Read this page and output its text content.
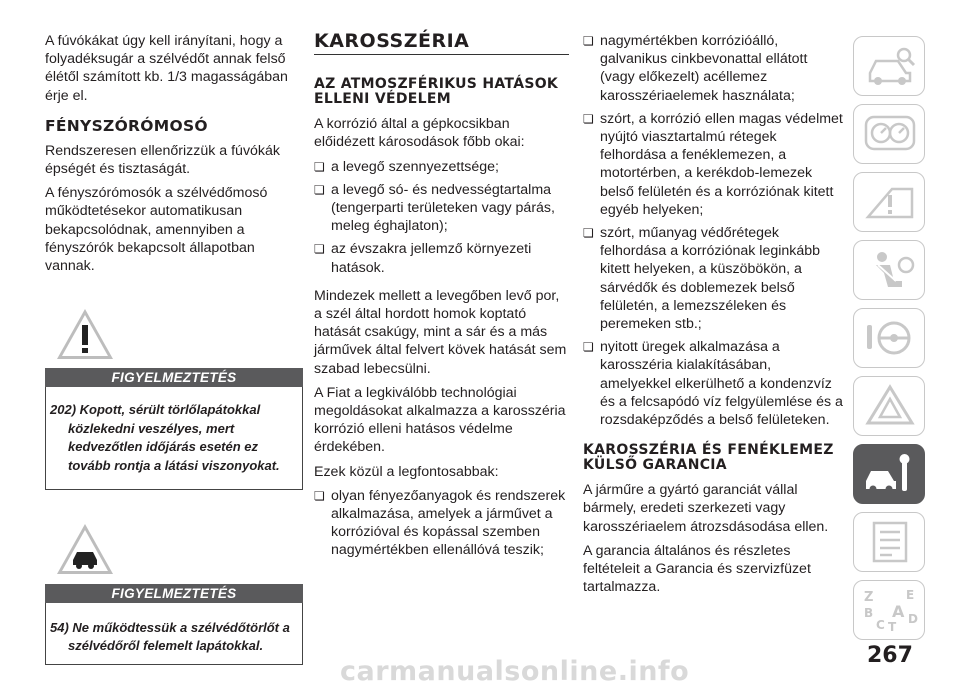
A fúvókákat úgy kell irányítani, hogy a folyadéksugár a szélvédőt annak felső élétől számított kb. 1/3 magasságában érje el.

FÉNYSZÓRÓMOSÓ

Rendszeresen ellenőrizzük a fúvókák épségét és tisztaságát.

A fényszórómosók a szélvédőmosó működtetésekor automatikusan bekapcsolódnak, amennyiben a fényszórók bekapcsolt állapotban vannak.

FIGYELMEZTETÉS
202) Kopott, sérült törlőlapátokkal közlekedni veszélyes, mert kedvezőtlen időjárás esetén ez tovább rontja a látási viszonyokat.
FIGYELMEZTETÉS
54) Ne működtessük a szélvédőtörlőt a szélvédőről felemelt lapátokkal.
KAROSSZÉRIA
AZ ATMOSZFÉRIKUS HATÁSOK ELLENI VÉDELEM

A korrózió által a gépkocsikban előidézett károsodások főbb okai:

❏ a levegő szennyezettsége;
❏ a levegő só- és nedvességtartalma (tengerparti területeken vagy párás, meleg éghajlaton);
❏ az évszakra jellemző környezeti hatások.

Mindezek mellett a levegőben levő por, a szél által hordott homok koptató hatását csakúgy, mint a sár és a más járművek által felvert kövek hatását sem szabad lebecsülni.

A Fiat a legkiválóbb technológiai megoldásokat alkalmazza a karosszéria korrózió elleni hatásos védelme érdekében.

Ezek közül a legfontosabbak:

❏ olyan fényezőanyagok és rendszerek alkalmazása, amelyek a járművet a korrózióval és kopással szemben nagymértékben ellenállóvá teszik;
❏ nagymértékben korrózióálló, galvanikus cinkbevonattal ellátott (vagy előkezelt) acéllemez karosszériaelemek használata;
❏ szórt, a korrózió ellen magas védelmet nyújtó viasztartalmú rétegek felhordása a fenéklemezen, a motortérben, a kerékdob-lemezek belső felületén és a korróziónak kitett egyéb helyeken;
❏ szórt, műanyag védőrétegek felhordása a korróziónak leginkább kitett helyeken, a küszöbökön, a sárvédők és doblemezek belső felületén, a lemezszéleken és peremeken stb.;
❏ nyitott üregek alkalmazása a karosszéria kialakításában, amelyekkel elkerülhető a kondenzvíz és a felcsapódó víz felgyülemlése és a rozsdaképződés a belső felületeken.
KAROSSZÉRIA ÉS FENÉKLEMEZ KÜLSŐ GARANCIA

A járműre a gyártó garanciát vállal bármely, eredeti szerkezeti vagy karosszériaelem átrozsdásodása ellen.

A garancia általános és részletes feltételeit a Garancia és szervizfüzet tartalmazza.

Z	E
B A D
C T
267
carmanualsonline.info
